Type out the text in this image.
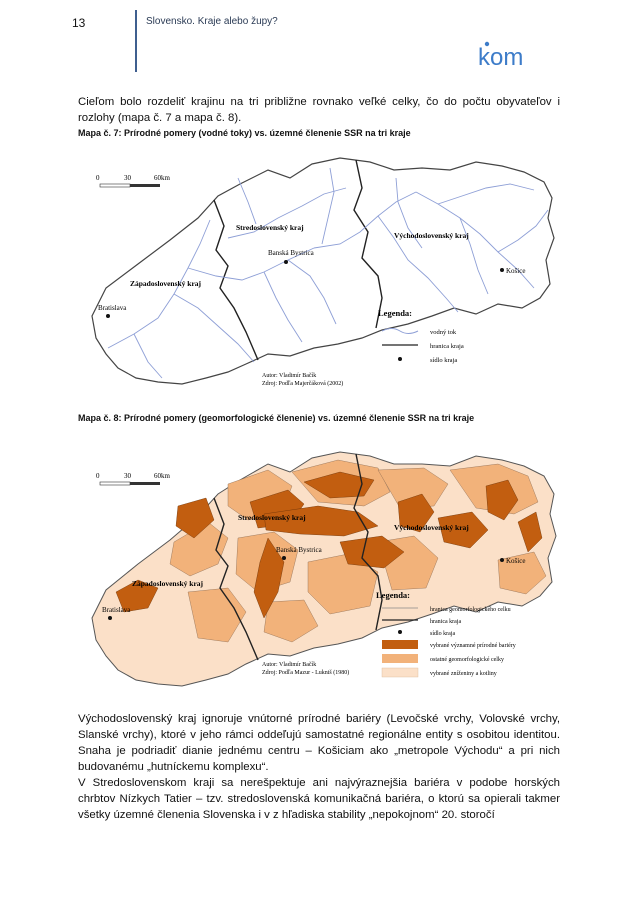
13	Slovensko. Kraje alebo župy?
kom
Cieľom bolo rozdeliť krajinu na tri približne rovnako veľké celky, čo do počtu obyvateľov i rozlohy (mapa č. 7 a mapa č. 8).
Mapa č. 7: Prírodné pomery (vodné toky) vs. územné členenie SSR na tri kraje
0	30	60km
Stredoslovenský kraj
Východoslovenský kraj
Západoslovenský kraj
Banská Bystrica
Košice
Bratislava	Legenda:
vodný tok
hranica kraja
sídlo kraja
Autor: Vladimír Bačík
Zdroj: Podľa Majerčáková (2002)
Mapa č. 8: Prírodné pomery (geomorfologické členenie) vs. územné členenie SSR na tri kraje
0	30	60km
Stredoslovenský kraj
Východoslovenský kraj
Západoslovenský kraj
Banská Bystrica
Košice
Bratislava
Legenda:
hranica geomorfologického celku
hranica kraja
sídlo kraja
vybrané významné prírodné bariéry
ostatné geomorfologické celky
vybrané zníženiny a kotliny
Autor: Vladimír Bačík
Zdroj: Podľa Mazur - Lukniš (1980)
Východoslovenský kraj ignoruje vnútorné prírodné bariéry (Levočské vrchy, Volovské vrchy, Slanské vrchy), ktoré v jeho rámci oddeľujú samostatné regionálne entity s osobitou identitou. Snaha je podriadiť dianie jednému centru – Košiciam ako „metropole Východu“ a pri nich budovanému „hutníckemu komplexu“.
V Stredoslovenskom kraji sa nerešpektuje ani najvýraznejšia bariéra v podobe horských chrbtov Nízkych Tatier – tzv. stredoslovenská komunikačná bariéra, o ktorú sa opierali takmer všetky územné členenia Slovenska i v z hľadiska stability „nepokojnom“ 20. storočí
